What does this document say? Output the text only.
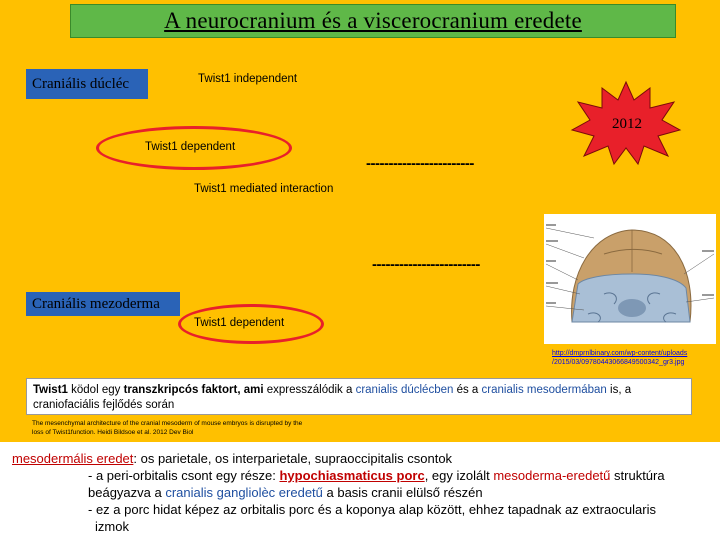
A neurocranium és a viscerocranium eredete
Craniális dúcléc
Craniális mezoderma
Twist1 independent
Twist1 dependent
Twist1 mediated interaction
Twist1 dependent
------------------------
------------------------
2012
http://dmprnlbinary.com/wp-content/uploads
/2015/03/09780443066849500342_gr3.jpg
Twist1 ködol egy transzkripcós faktort, ami expresszálódik a cranialis dúclécben és a cranialis mesodermában is, a
craniofaciális fejlődés során
The mesenchymal architecture of the cranial mesoderm of mouse embryos is disrupted by the
loss of Twist1function. Heidi Bildsoe et al. 2012 Dev Biol
mesodermális eredet: os parietale, os interparietale, supraoccipitalis csontok
- a peri-orbitalis csont egy része: hypochiasmaticus porc, egy izolált mesoderma-eredetű struktúra
beágyazva a cranialis gangliolèc eredetű a basis cranii elülső részén
- ez a porc hidat képez az orbitalis porc és a koponya alap között, ehhez tapadnak az extraocularis
izmok
